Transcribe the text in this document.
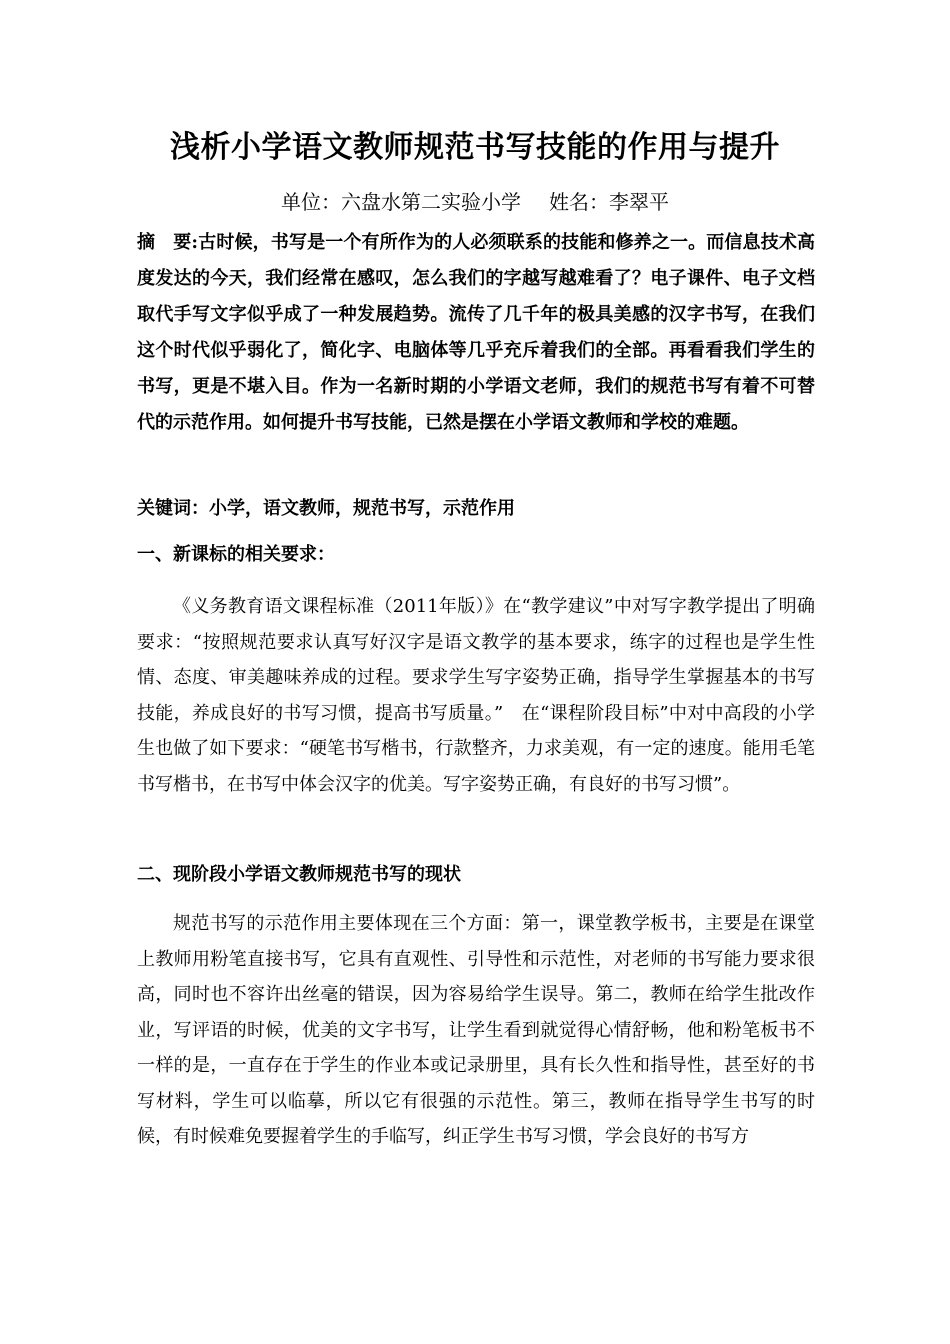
浅析小学语文教师规范书写技能的作用与提升
单位：六盘水第二实验小学 姓名：李翠平
摘　要:古时候，书写是一个有所作为的人必须联系的技能和修养之一。而信息技术高度发达的今天，我们经常在感叹，怎么我们的字越写越难看了？电子课件、电子文档取代手写文字似乎成了一种发展趋势。流传了几千年的极具美感的汉字书写，在我们这个时代似乎弱化了，简化字、电脑体等几乎充斥着我们的全部。再看看我们学生的书写，更是不堪入目。作为一名新时期的小学语文老师，我们的规范书写有着不可替代的示范作用。如何提升书写技能，已然是摆在小学语文教师和学校的难题。
关键词：小学，语文教师，规范书写，示范作用
一、新课标的相关要求：
《义务教育语文课程标准（2011年版）》在“教学建议”中对写字教学提出了明确要求：“按照规范要求认真写好汉字是语文教学的基本要求，练字的过程也是学生性情、态度、审美趣味养成的过程。要求学生写字姿势正确，指导学生掌握基本的书写技能，养成良好的书写习惯，提高书写质量。”　在“课程阶段目标”中对中高段的小学生也做了如下要求：“硬笔书写楷书，行款整齐，力求美观，有一定的速度。能用毛笔书写楷书，在书写中体会汉字的优美。写字姿势正确，有良好的书写习惯”。
二、现阶段小学语文教师规范书写的现状
规范书写的示范作用主要体现在三个方面：第一，课堂教学板书，主要是在课堂上教师用粉笔直接书写，它具有直观性、引导性和示范性，对老师的书写能力要求很高，同时也不容许出丝毫的错误，因为容易给学生误导。第二，教师在给学生批改作业，写评语的时候，优美的文字书写，让学生看到就觉得心情舒畅，他和粉笔板书不一样的是，一直存在于学生的作业本或记录册里，具有长久性和指导性，甚至好的书写材料，学生可以临摹，所以它有很强的示范性。第三，教师在指导学生书写的时候，有时候难免要握着学生的手临写，纠正学生书写习惯，学会良好的书写方
